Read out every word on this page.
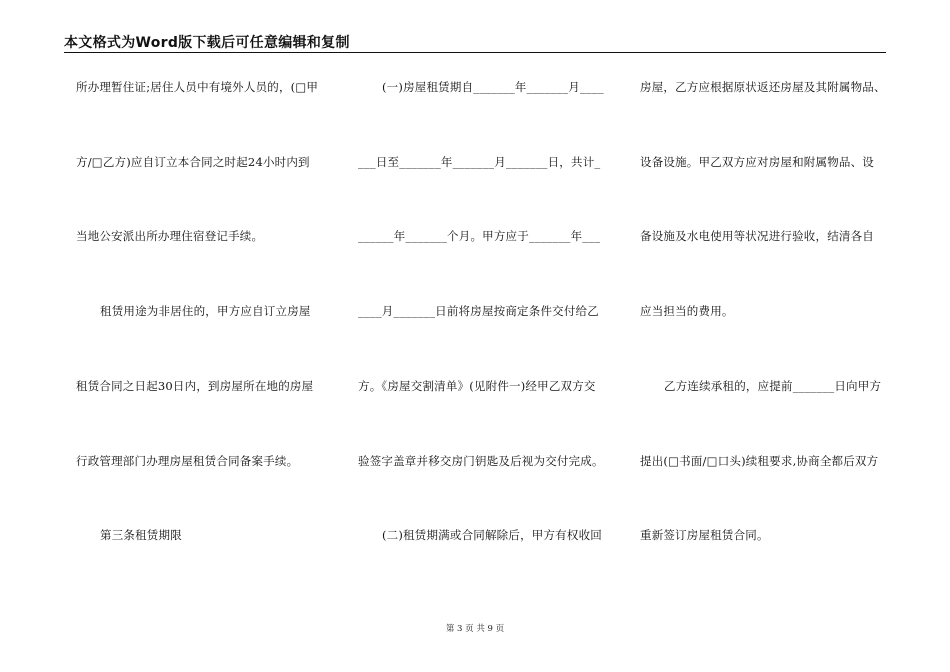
本文格式为Word版下载后可任意编辑和复制
所办理暂住证;居住人员中有境外人员的，(□甲
方/□乙方)应自订立本合同之时起24小时内到
当地公安派出所办理住宿登记手续。
租赁用途为非居住的，甲方应自订立房屋
租赁合同之日起30日内，到房屋所在地的房屋
行政管理部门办理房屋租赁合同备案手续。
第三条租赁期限
(一)房屋租赁期自_______年_______月____
___日至_______年_______月_______日，共计_
______年_______个月。甲方应于_______年___
____月_______日前将房屋按商定条件交付给乙
方。《房屋交割清单》(见附件一)经甲乙双方交
验签字盖章并移交房门钥匙及后视为交付完成。
(二)租赁期满或合同解除后，甲方有权收回
房屋，乙方应根据原状返还房屋及其附属物品、
设备设施。甲乙双方应对房屋和附属物品、设
备设施及水电使用等状况进行验收，结清各自
应当担当的费用。
乙方连续承租的，应提前_______日向甲方
提出(□书面/□口头)续租要求,协商全都后双方
重新签订房屋租赁合同。
第 3 页 共 9 页
